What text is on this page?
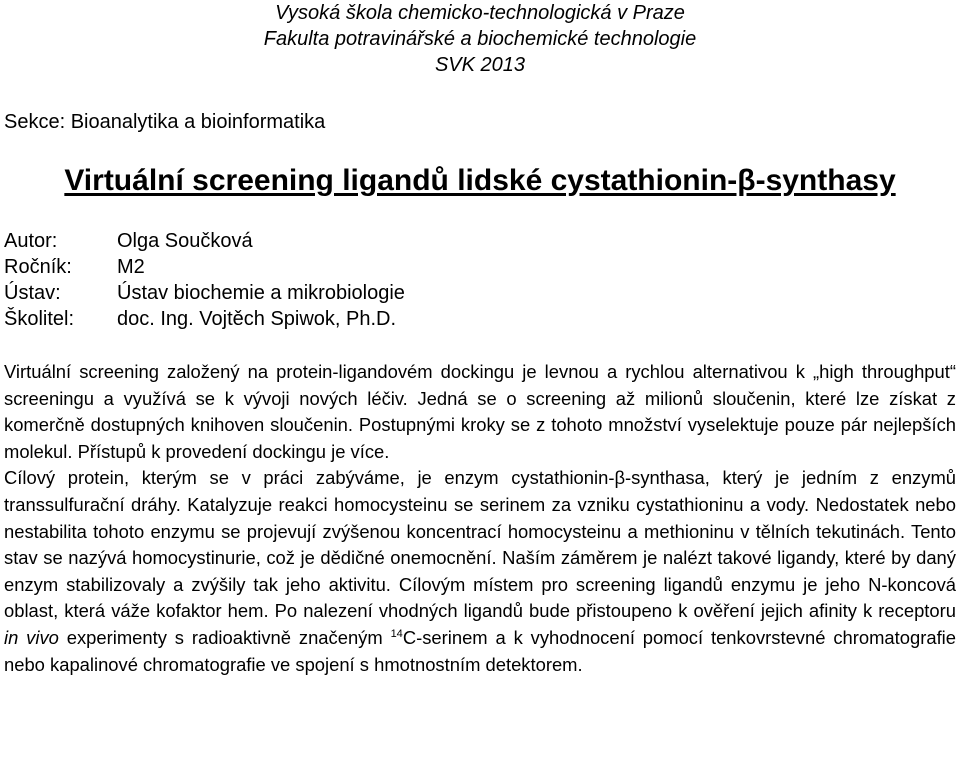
Vysoká škola chemicko-technologická v Praze
Fakulta potravinářské a biochemické technologie
SVK 2013
Sekce: Bioanalytika a bioinformatika
Virtuální screening ligandů lidské cystathionin-β-synthasy
Autor:	Olga Součková
Ročník:	M2
Ústav:	Ústav biochemie a mikrobiologie
Školitel:	doc. Ing. Vojtěch Spiwok, Ph.D.

Virtuální screening založený na protein-ligandovém dockingu je levnou a rychlou alternativou k „high throughput“ screeningu a využívá se k vývoji nových léčiv. Jedná se o screening až milionů sloučenin, které lze získat z komerčně dostupných knihoven sloučenin. Postupnými kroky se z tohoto množství vyselektuje pouze pár nejlepších molekul. Přístupů k provedení dockingu je více.

Cílový protein, kterým se v práci zabýváme, je enzym cystathionin-β-synthasa, který je jedním z enzymů transsulfurační dráhy. Katalyzuje reakci homocysteinu se serinem za vzniku cystathioninu a vody. Nedostatek nebo nestabilita tohoto enzymu se projevují zvýšenou koncentrací homocysteinu a methioninu v tělních tekutinách. Tento stav se nazývá homocystinurie, což je dědičné onemocnění. Naším záměrem je nalézt takové ligandy, které by daný enzym stabilizovaly a zvýšily tak jeho aktivitu. Cílovým místem pro screening ligandů enzymu je jeho N-koncová oblast, která váže kofaktor hem. Po nalezení vhodných ligandů bude přistoupeno k ověření jejich afinity k receptoru in vivo experimenty s radioaktivně značeným $^{14}$C-serinem a k vyhodnocení pomocí tenkovrstevné chromatografie nebo kapalinové chromatografie ve spojení s hmotnostním detektorem.
